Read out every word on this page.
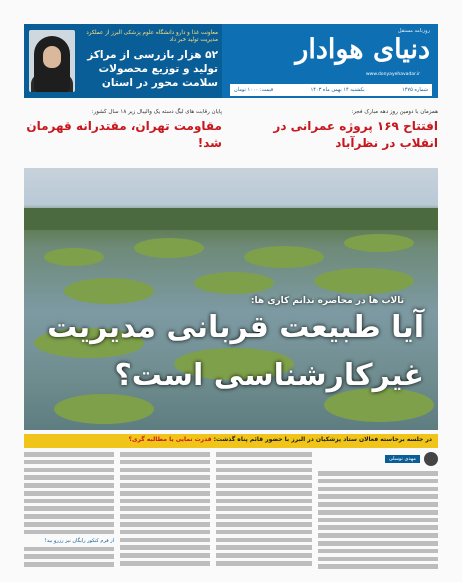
معاونت غذا و دارو دانشگاه علوم پزشکی البرز از عملکرد مدیریت تولید خبر داد
۵۲ هزار بازرسی از مراکز تولید و توزیع محصولات سلامت محور در استان
روزنامه مستقل
دنیای هوادار
www.donyayehavadar.ir
شماره ۱۴۷۵
یکشنبه ۱۴ بهمن ماه ۱۴۰۳
قیمت: ۱۰۰۰ تومان
پایان رقابت های لیگ دسته یک والیبال زیر ۱۸ سال کشور:
مقاومت تهران، مقتدرانه قهرمان شد!
همزمان با دومین روز دهه مبارک فجر:
افتتاح ۱۶۹ پروژه عمرانی در انقلاب در نظرآباد
تالاب ها در محاصره ندانم کاری ها:
آیا طبیعت قربانی مدیریت
غیرکارشناسی است؟
در جلسه برخاسته فعالان ستاد پزشکیان در البرز با حضور قائم پناه گذشت: قدرت نمایی یا مطالبه گری؟
از فرم کنکور رایگان نیز رزرو بید!
مهدی توسلی
